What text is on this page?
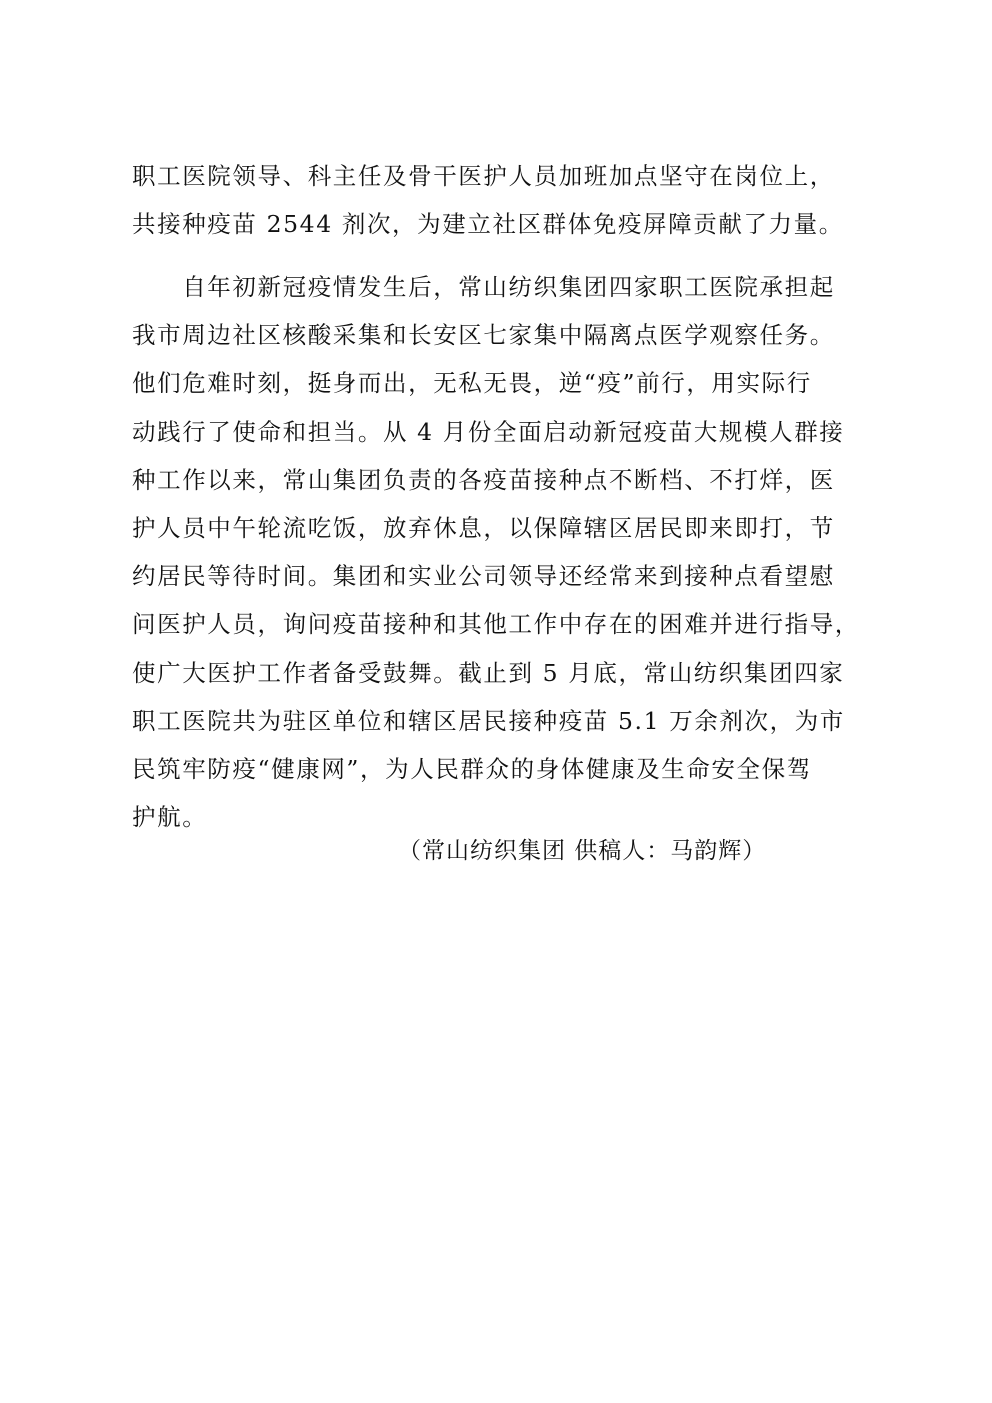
职工医院领导、科主任及骨干医护人员加班加点坚守在岗位上，
共接种疫苗 2544 剂次，为建立社区群体免疫屏障贡献了力量。
　　自年初新冠疫情发生后，常山纺织集团四家职工医院承担起
我市周边社区核酸采集和长安区七家集中隔离点医学观察任务。
他们危难时刻，挺身而出，无私无畏，逆“疫”前行，用实际行
动践行了使命和担当。从 4 月份全面启动新冠疫苗大规模人群接
种工作以来，常山集团负责的各疫苗接种点不断档、不打烊，医
护人员中午轮流吃饭，放弃休息，以保障辖区居民即来即打，节
约居民等待时间。集团和实业公司领导还经常来到接种点看望慰
问医护人员，询问疫苗接种和其他工作中存在的困难并进行指导，
使广大医护工作者备受鼓舞。截止到 5 月底，常山纺织集团四家
职工医院共为驻区单位和辖区居民接种疫苗 5.1 万余剂次，为市
民筑牢防疫“健康网”，为人民群众的身体健康及生命安全保驾
护航。
（常山纺织集团 供稿人：马韵辉）
